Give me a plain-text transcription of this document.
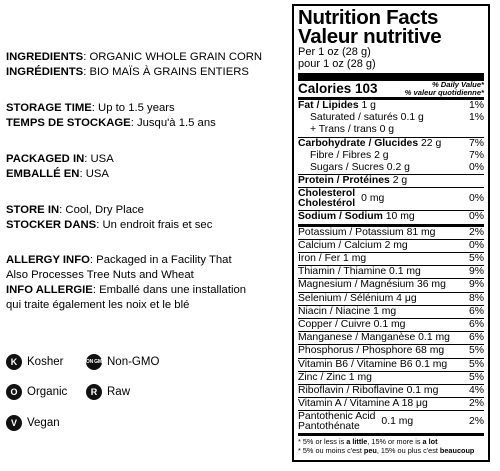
INGREDIENTS: ORGANIC WHOLE GRAIN CORN
INGRÉDIENTS: BIO MAÏS À GRAINS ENTIERS
STORAGE TIME: Up to 1.5 years
TEMPS DE STOCKAGE: Jusqu'à 1.5 ans
PACKAGED IN: USA
EMBALLÉ EN: USA
STORE IN: Cool, Dry Place
STOCKER DANS: Un endroit frais et sec
ALLERGY INFO: Packaged in a Facility That
Also Processes Tree Nuts and Wheat
INFO ALLERGIE: Emballé dans une installation
qui traite également les noix et le blé
K Kosher	NON GMO Non-GMO
O Organic	R Raw
V Vegan
Nutrition Facts
Valeur nutritive
Per 1 oz (28 g)
pour 1 oz (28 g)
Calories 103	% Daily Value*
% valeur quotidienne*
Fat / Lipides 1 g	1%
Saturated / saturés 0.1 g	1%
+ Trans / trans 0 g
Carbohydrate / Glucides 22 g	7%
Fibre / Fibres 2 g	7%
Sugars / Sucres 0.2 g	0%
Protein / Protéines 2 g
Cholesterol
Cholestérol 0 mg	0%
Sodium / Sodium 10 mg	0%
Potassium / Potassium 81 mg	2%
Calcium / Calcium 2 mg	0%
Iron / Fer 1 mg	5%
Thiamin / Thiamine 0.1 mg	9%
Magnesium / Magnésium 36 mg 9%
Selenium / Sélénium 4 μg	8%
Niacin / Niacine 1 mg	6%
Copper / Cuivre 0.1 mg	6%
Manganese / Manganèse 0.1 mg 6%
Phosphorus / Phosphore 68 mg 5%
Vitamin B6 / Vitamine B6 0.1 mg 5%
Zinc / Zinc 1 mg	5%
Riboflavin / Riboflavine 0.1 mg	4%
Vitamin A / Vitamine A 18 μg	2%
Pantothenic Acid
Pantothénate	0.1 mg	2%
* 5% or less is a little, 15% or more is a lot
* 5% ou moins c'est peu, 15% ou plus c'est beaucoup
